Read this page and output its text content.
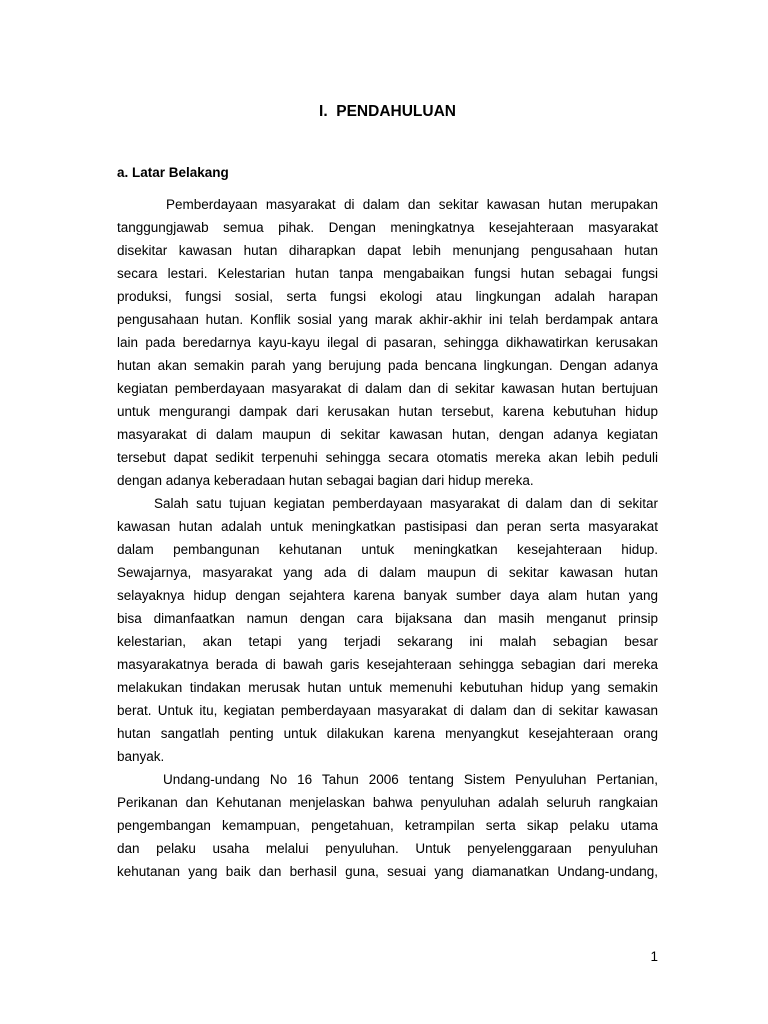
I.  PENDAHULUAN
a. Latar Belakang
Pemberdayaan masyarakat di dalam dan sekitar kawasan hutan merupakan
tanggungjawab semua pihak. Dengan meningkatnya kesejahteraan masyarakat
disekitar kawasan hutan diharapkan dapat lebih menunjang pengusahaan hutan
secara lestari. Kelestarian hutan tanpa mengabaikan fungsi hutan sebagai fungsi
produksi, fungsi sosial, serta fungsi ekologi atau lingkungan adalah harapan
pengusahaan hutan. Konflik sosial yang marak akhir-akhir ini telah berdampak antara
lain pada beredarnya kayu-kayu ilegal di pasaran, sehingga dikhawatirkan kerusakan
hutan akan semakin parah yang berujung pada bencana lingkungan. Dengan adanya
kegiatan pemberdayaan masyarakat di dalam dan di sekitar kawasan hutan bertujuan
untuk mengurangi dampak dari kerusakan hutan tersebut, karena kebutuhan hidup
masyarakat di dalam maupun di sekitar kawasan hutan, dengan adanya kegiatan
tersebut dapat sedikit terpenuhi sehingga secara otomatis mereka akan lebih peduli
dengan adanya keberadaan hutan sebagai bagian dari hidup mereka.
Salah satu tujuan kegiatan pemberdayaan masyarakat di dalam dan di sekitar
kawasan hutan adalah untuk meningkatkan pastisipasi dan peran serta masyarakat
dalam pembangunan kehutanan untuk meningkatkan kesejahteraan hidup.
Sewajarnya, masyarakat yang ada di dalam maupun di sekitar kawasan hutan
selayaknya hidup dengan sejahtera karena banyak sumber daya alam hutan yang
bisa dimanfaatkan namun dengan cara bijaksana dan masih menganut prinsip
kelestarian, akan tetapi yang terjadi sekarang ini malah sebagian besar
masyarakatnya berada di bawah garis kesejahteraan sehingga sebagian dari mereka
melakukan tindakan merusak hutan untuk memenuhi kebutuhan hidup yang semakin
berat. Untuk itu, kegiatan pemberdayaan masyarakat di dalam dan di sekitar kawasan
hutan sangatlah penting untuk dilakukan karena menyangkut kesejahteraan orang
banyak.
Undang-undang No 16 Tahun 2006 tentang Sistem Penyuluhan Pertanian,
Perikanan dan Kehutanan menjelaskan bahwa penyuluhan adalah seluruh rangkaian
pengembangan kemampuan, pengetahuan, ketrampilan serta sikap pelaku utama
dan pelaku usaha melalui penyuluhan. Untuk penyelenggaraan penyuluhan
kehutanan yang baik dan berhasil guna, sesuai yang diamanatkan Undang-undang,
1
